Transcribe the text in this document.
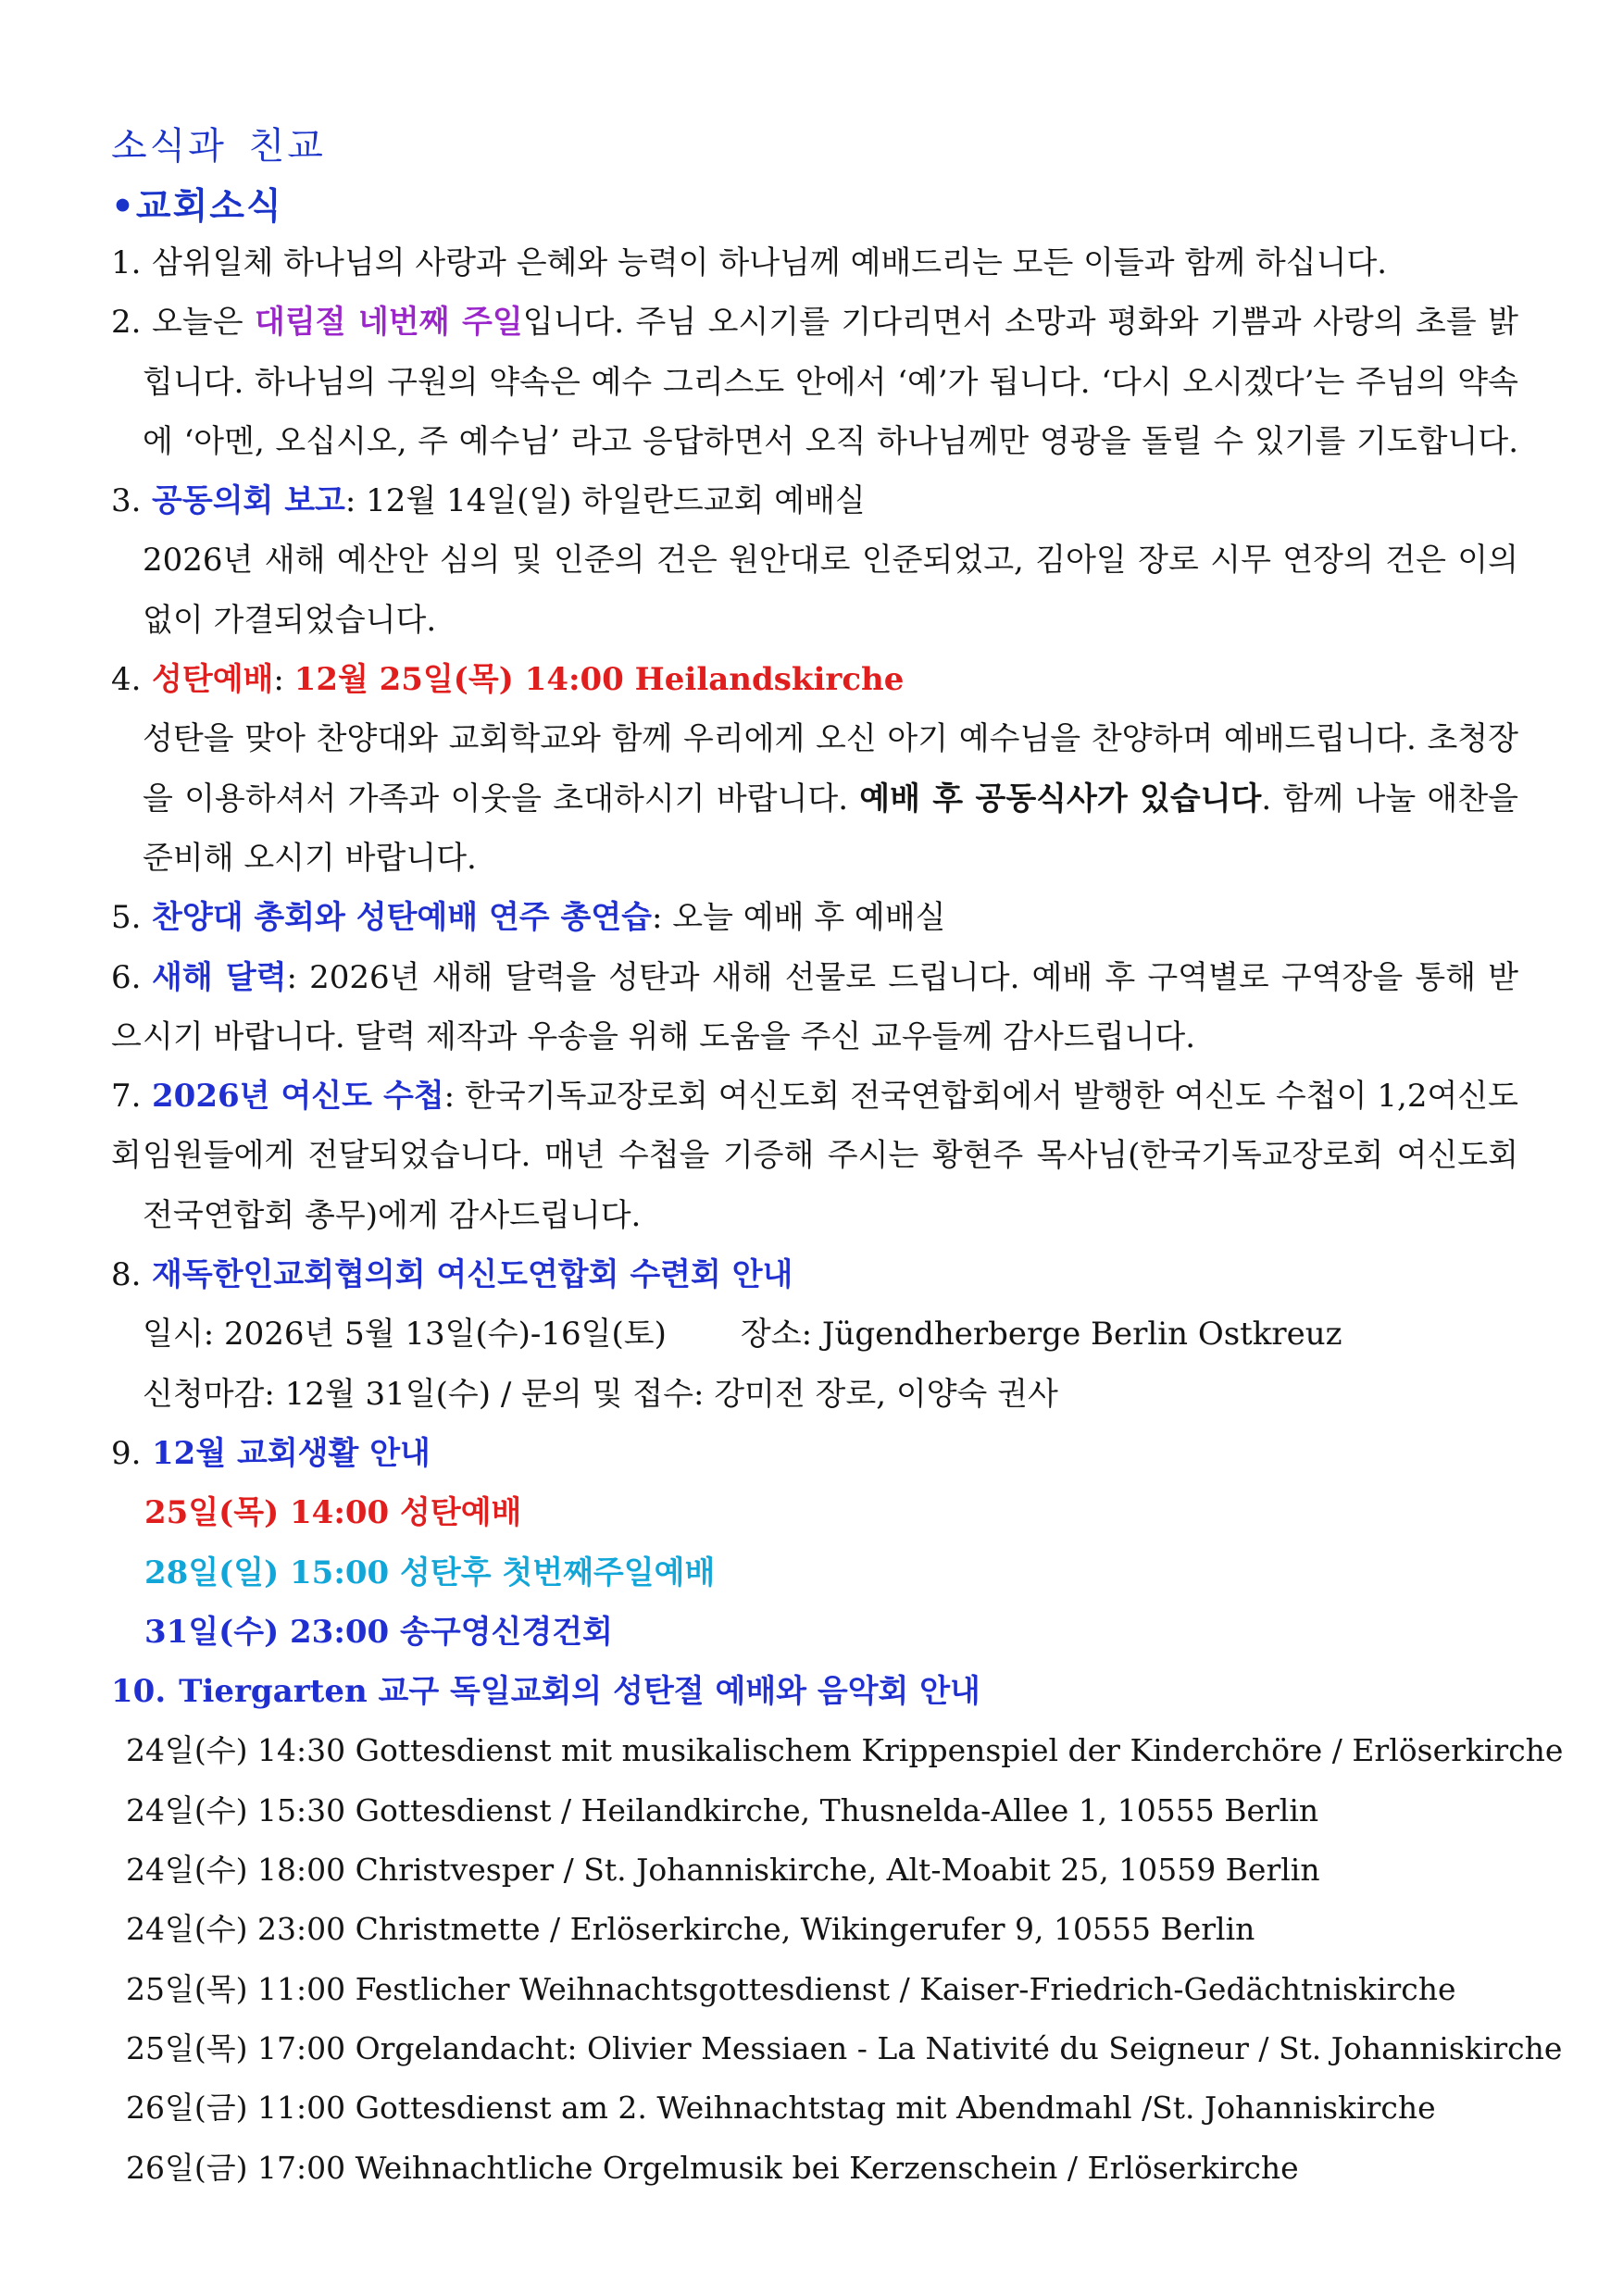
소식과 친교
•교회소식
1. 삼위일체 하나님의 사랑과 은혜와 능력이 하나님께 예배드리는 모든 이들과 함께 하십니다.
2. 오늘은 대림절 네번째 주일입니다. 주님 오시기를 기다리면서 소망과 평화와 기쁨과 사랑의 초를 밝
힙니다. 하나님의 구원의 약속은 예수 그리스도 안에서 ‘예’가 됩니다. ‘다시 오시겠다’는 주님의 약속
에 ‘아멘, 오십시오, 주 예수님’ 라고 응답하면서 오직 하나님께만 영광을 돌릴 수 있기를 기도합니다.
3. 공동의회 보고: 12월 14일(일) 하일란드교회 예배실
2026년 새해 예산안 심의 및 인준의 건은 원안대로 인준되었고, 김아일 장로 시무 연장의 건은 이의
없이 가결되었습니다.
4. 성탄예배: 12월 25일(목) 14:00 Heilandskirche
성탄을 맞아 찬양대와 교회학교와 함께 우리에게 오신 아기 예수님을 찬양하며 예배드립니다. 초청장
을 이용하셔서 가족과 이웃을 초대하시기 바랍니다. 예배 후 공동식사가 있습니다. 함께 나눌 애찬을
준비해 오시기 바랍니다.
5. 찬양대 총회와 성탄예배 연주 총연습: 오늘 예배 후 예배실
6. 새해 달력: 2026년 새해 달력을 성탄과 새해 선물로 드립니다. 예배 후 구역별로 구역장을 통해 받으 시기 바랍니다. 달력 제작과 우송을 위해 도움을 주신 교우들께 감사드립니다.
7. 2026년 여신도 수첩: 한국기독교장로회 여신도회 전국연합회에서 발행한 여신도 수첩이 1,2여신도회 임원들에게 전달되었습니다. 매년 수첩을 기증해 주시는 황현주 목사님(한국기독교장로회 여신도회
전국연합회 총무)에게 감사드립니다.
8. 재독한인교회협의회 여신도연합회 수련회 안내
일시: 2026년 5월 13일(수)-16일(토) 장소: Jügendherberge Berlin Ostkreuz
신청마감: 12월 31일(수) / 문의 및 접수: 강미전 장로, 이양숙 권사
9. 12월 교회생활 안내
25일(목) 14:00 성탄예배
28일(일) 15:00 성탄후 첫번째주일예배
31일(수) 23:00 송구영신경건회
10. Tiergarten 교구 독일교회의 성탄절 예배와 음악회 안내
24일(수) 14:30 Gottesdienst mit musikalischem Krippenspiel der Kinderchöre / Erlöserkirche
24일(수) 15:30 Gottesdienst / Heilandkirche, Thusnelda-Allee 1, 10555 Berlin
24일(수) 18:00 Christvesper / St. Johanniskirche, Alt-Moabit 25, 10559 Berlin
24일(수) 23:00 Christmette / Erlöserkirche, Wikingerufer 9, 10555 Berlin
25일(목) 11:00 Festlicher Weihnachtsgottesdienst / Kaiser-Friedrich-Gedächtniskirche
25일(목) 17:00 Orgelandacht: Olivier Messiaen - La Nativité du Seigneur / St. Johanniskirche
26일(금) 11:00 Gottesdienst am 2. Weihnachtstag mit Abendmahl /St. Johanniskirche
26일(금) 17:00 Weihnachtliche Orgelmusik bei Kerzenschein / Erlöserkirche
